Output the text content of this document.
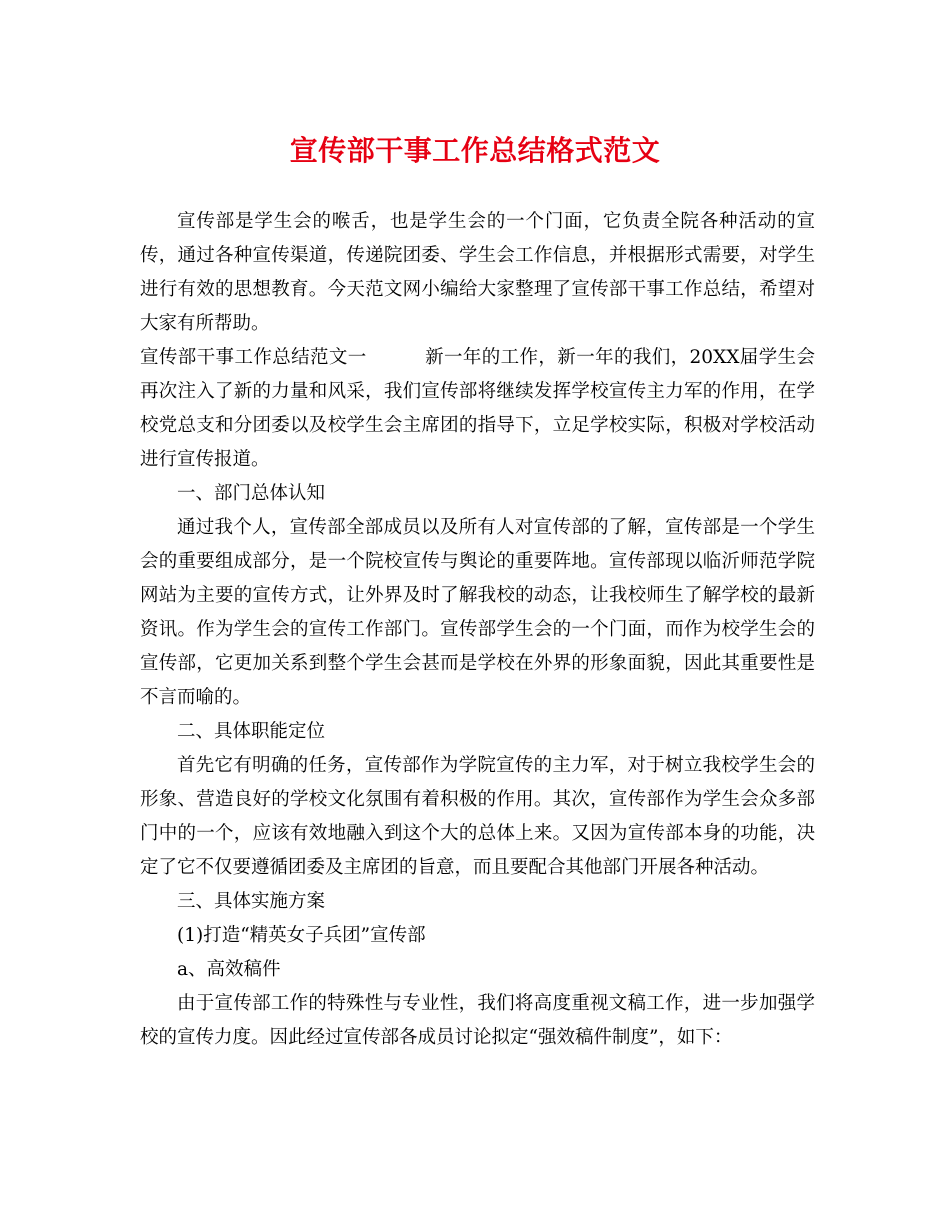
宣传部干事工作总结格式范文

宣传部是学生会的喉舌，也是学生会的一个门面，它负责全院各种活动的宣传，通过各种宣传渠道，传递院团委、学生会工作信息，并根据形式需要，对学生进行有效的思想教育。今天范文网小编给大家整理了宣传部干事工作总结，希望对大家有所帮助。

宣传部干事工作总结范文一	新一年的工作，新一年的我们，20XX届学生会再次注入了新的力量和风采，我们宣传部将继续发挥学校宣传主力军的作用，在学校党总支和分团委以及校学生会主席团的指导下，立足学校实际，积极对学校活动进行宣传报道。

一、部门总体认知

通过我个人，宣传部全部成员以及所有人对宣传部的了解，宣传部是一个学生会的重要组成部分，是一个院校宣传与舆论的重要阵地。宣传部现以临沂师范学院网站为主要的宣传方式，让外界及时了解我校的动态，让我校师生了解学校的最新资讯。作为学生会的宣传工作部门。宣传部学生会的一个门面，而作为校学生会的宣传部，它更加关系到整个学生会甚而是学校在外界的形象面貌，因此其重要性是不言而喻的。

二、具体职能定位

首先它有明确的任务，宣传部作为学院宣传的主力军，对于树立我校学生会的形象、营造良好的学校文化氛围有着积极的作用。其次，宣传部作为学生会众多部门中的一个，应该有效地融入到这个大的总体上来。又因为宣传部本身的功能，决定了它不仅要遵循团委及主席团的旨意，而且要配合其他部门开展各种活动。

三、具体实施方案

(1)打造“精英女子兵团”宣传部

a、高效稿件

由于宣传部工作的特殊性与专业性，我们将高度重视文稿工作，进一步加强学校的宣传力度。因此经过宣传部各成员讨论拟定“强效稿件制度”，如下：
